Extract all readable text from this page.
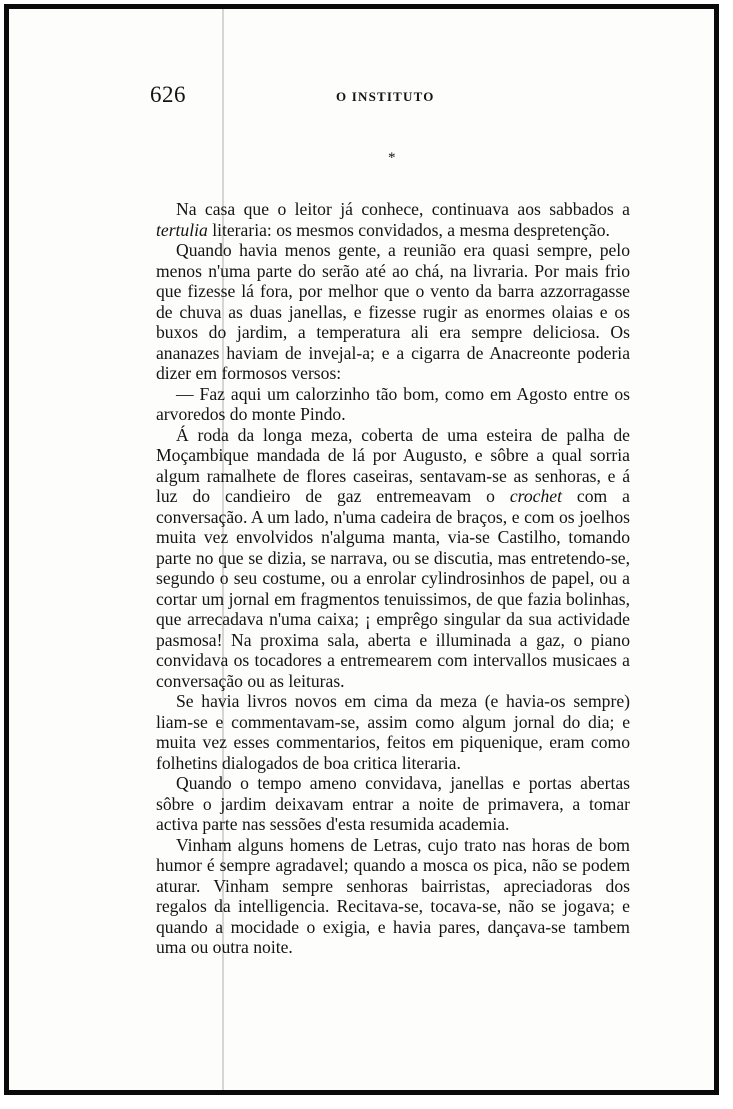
626	O INSTITUTO
*

Na casa que o leitor já conhece, continuava aos sabbados a tertulia literaria: os mesmos convidados, a mesma despretenção.

Quando havia menos gente, a reunião era quasi sempre, pelo menos n'uma parte do serão até ao chá, na livraria. Por mais frio que fizesse lá fora, por melhor que o vento da barra azzorragasse de chuva as duas janellas, e fizesse rugir as enormes olaias e os buxos do jardim, a temperatura ali era sempre deliciosa. Os ananazes haviam de invejal-a; e a cigarra de Anacreonte poderia dizer em formosos versos:

— Faz aqui um calorzinho tão bom, como em Agosto entre os arvoredos do monte Pindo.

Á roda da longa meza, coberta de uma esteira de palha de Moçambique mandada de lá por Augusto, e sôbre a qual sorria algum ramalhete de flores caseiras, sentavam-se as senhoras, e á luz do candieiro de gaz entremeavam o crochet com a conversação. A um lado, n'uma cadeira de braços, e com os joelhos muita vez envolvidos n'alguma manta, via-se Castilho, tomando parte no que se dizia, se narrava, ou se discutia, mas entretendo-se, segundo o seu costume, ou a enrolar cylindrosinhos de papel, ou a cortar um jornal em fragmentos tenuissimos, de que fazia bolinhas, que arrecadava n'uma caixa; ¡ emprêgo singular da sua actividade pasmosa! Na proxima sala, aberta e illuminada a gaz, o piano convidava os tocadores a entremearem com intervallos musicaes a conversação ou as leituras.

Se havia livros novos em cima da meza (e havia-os sempre) liam-se e commentavam-se, assim como algum jornal do dia; e muita vez esses commentarios, feitos em piquenique, eram como folhetins dialogados de boa critica literaria.

Quando o tempo ameno convidava, janellas e portas abertas sôbre o jardim deixavam entrar a noite de primavera, a tomar activa parte nas sessões d'esta resumida academia.

Vinham alguns homens de Letras, cujo trato nas horas de bom humor é sempre agradavel; quando a mosca os pica, não se podem aturar. Vinham sempre senhoras bairristas, apreciadoras dos regalos da intelligencia. Recitava-se, tocava-se, não se jogava; e quando a mocidade o exigia, e havia pares, dançava-se tambem uma ou outra noite.
